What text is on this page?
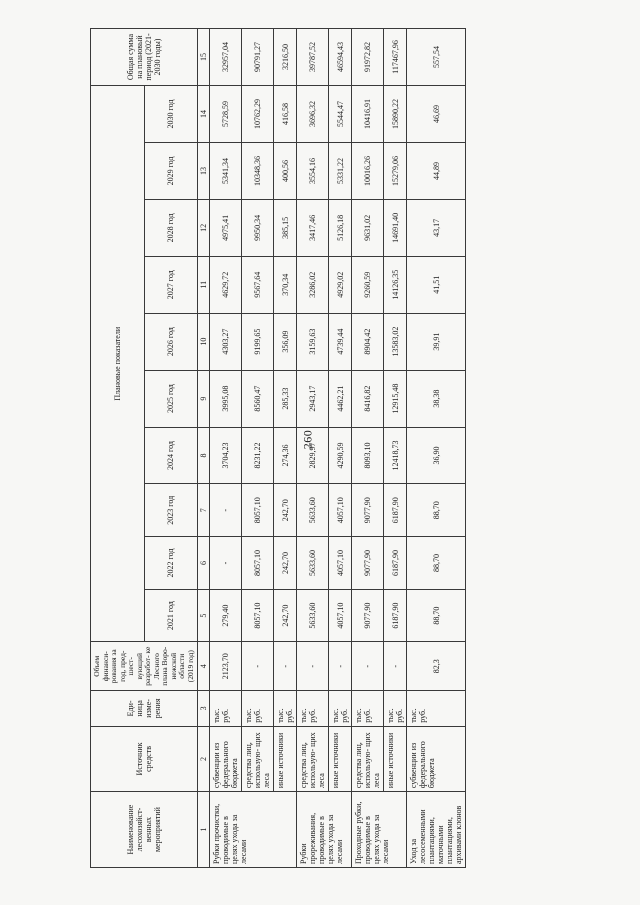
260
Наименование лесохозяйст- венных мероприятий	Источник средств	Еди- ница изме- рения	Объем финанси- рования за год, пред- шест- вующий разработ- ке Лесного плана Воро- нежской области (2019 год)	Плановые показатели										Общая сумма на плановый период (2021- 2030 годы)
				2021 год	2022 год	2023 год	2024 год	2025 год	2026 год	2027 год	2028 год	2029 год	2030 год	
1	2	3	4	5	6	7	8	9	10	11	12	13	14	15
Рубки прочистки, проводимые в целях ухода за лесами	субвенции из федерального бюджета	тыс. руб.	2123,70	279,40	-	-	3704,23	3995,08	4303,27	4629,72	4975,41	5341,34	5728,59	32957,04
	средства лиц, использую- щих леса	тыс. руб.	-	8057,10	8057,10	8057,10	8231,22	8560,47	9199,65	9567,64	9950,34	10348,36	10762,29	90791,27
	иные источники	тыс. руб.	-	242,70	242,70	242,70	274,36	285,33	356,09	370,34	385,15	400,56	416,58	3216,50
Рубки прореживания, проводимые в целях ухода за лесами	средства лиц, использую- щих леса	тыс. руб.	-	5633,60	5633,60	5633,60	2829,97	2943,17	3159,63	3286,02	3417,46	3554,16	3696,32	39787,52
	иные источники	тыс. руб.	-	4057,10	4057,10	4057,10	4290,59	4462,21	4739,44	4929,02	5126,18	5331,22	5544,47	46594,43
Проходные рубки, проводимые в целях ухода за лесами	средства лиц, использую- щих леса	тыс. руб.	-	9077,90	9077,90	9077,90	8093,10	8416,82	8904,42	9260,59	9631,02	10016,26	10416,91	91972,82
	иные источники	тыс. руб.	-	6187,90	6187,90	6187,90	12418,73	12915,48	13583,02	14126,35	14691,40	15279,06	15890,22	117467,96
Уход за лесосеменными плантациями, маточными плантациями, архивами клонов	субвенции из федерального бюджета	тыс. руб.	82,3	88,70	88,70	88,70	36,90	38,38	39,91	41,51	43,17	44,89	46,69	557,54
